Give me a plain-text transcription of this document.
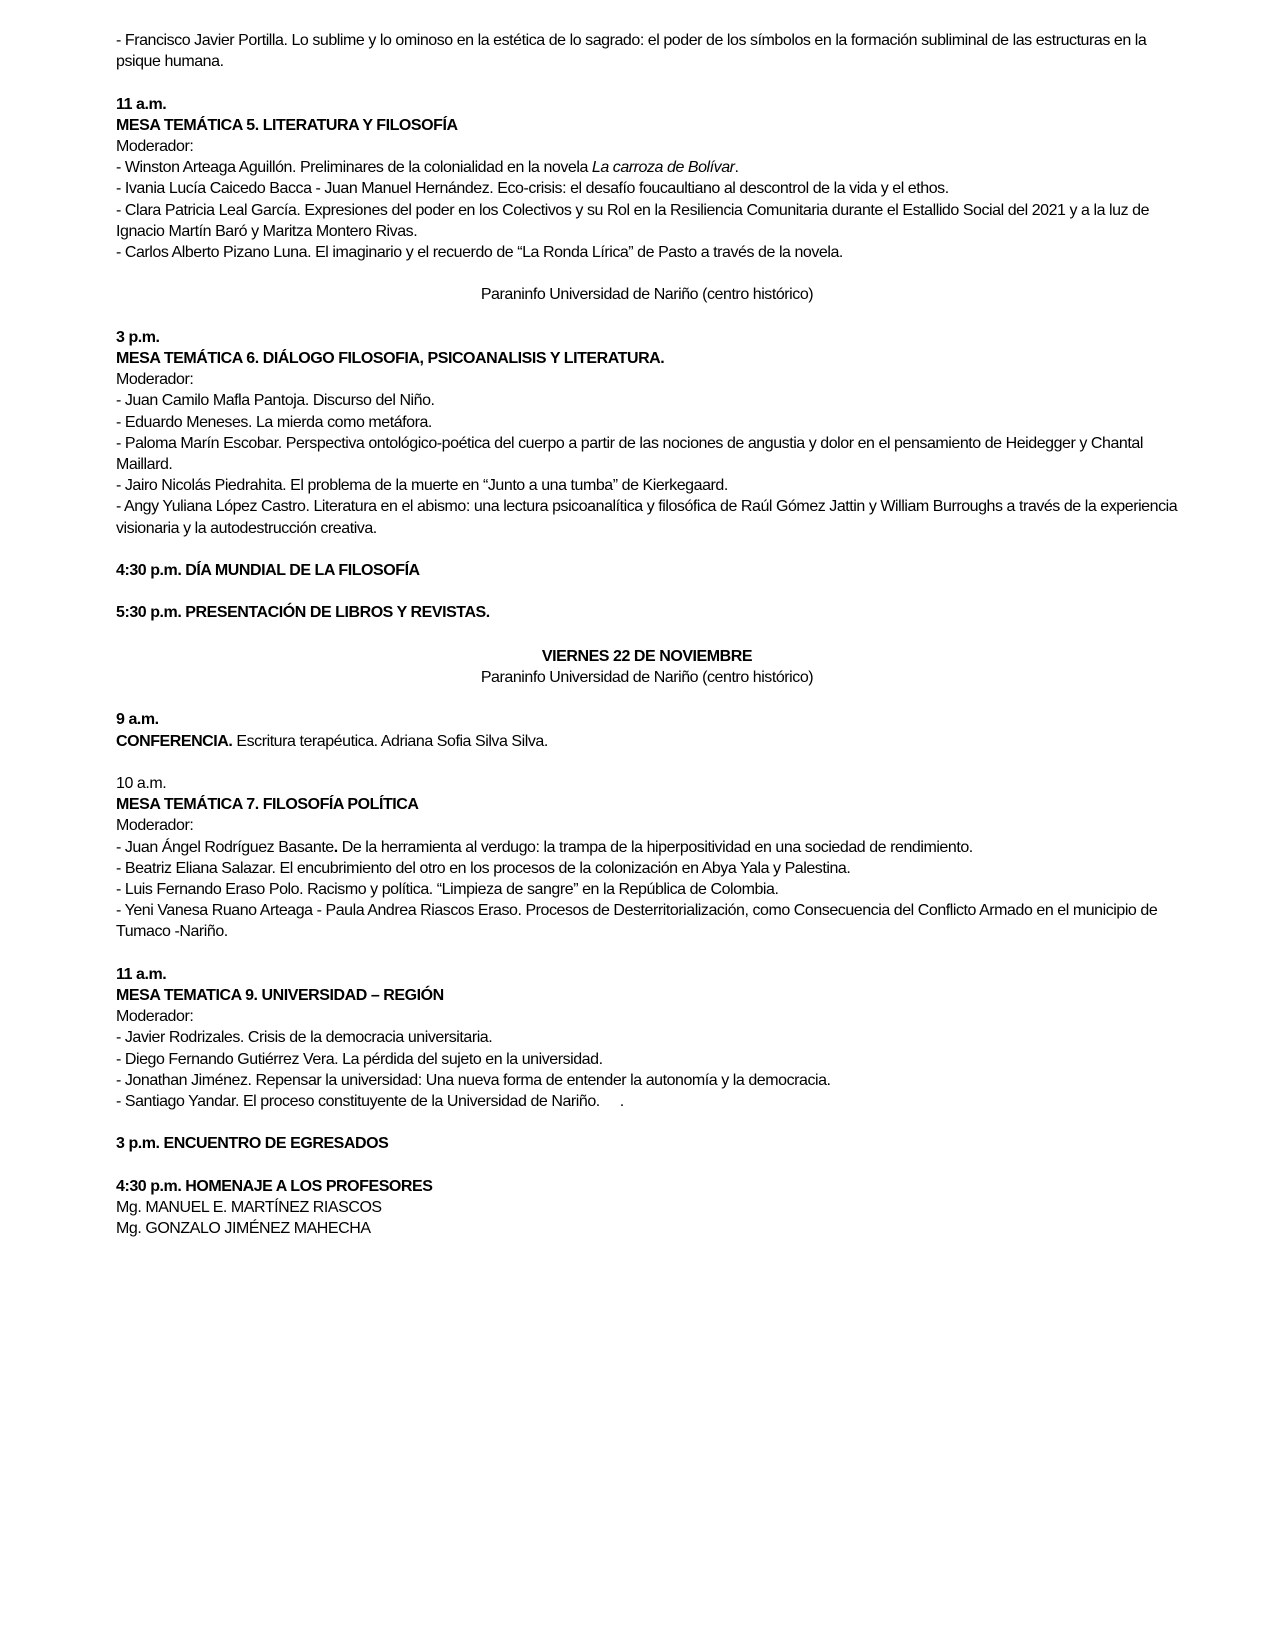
- Francisco Javier Portilla. Lo sublime y lo ominoso en la estética de lo sagrado: el poder de los símbolos en la formación subliminal de las estructuras en la psique humana.

11 a.m.

MESA TEMÁTICA 5. LITERATURA Y FILOSOFÍA

Moderador:

- Winston Arteaga Aguillón. Preliminares de la colonialidad en la novela La carroza de Bolívar.

- Ivania Lucía Caicedo Bacca - Juan Manuel Hernández. Eco-crisis: el desafío foucaultiano al descontrol de la vida y el ethos.

- Clara Patricia Leal García. Expresiones del poder en los Colectivos y su Rol en la Resiliencia Comunitaria durante el Estallido Social del 2021 y a la luz de Ignacio Martín Baró y Maritza Montero Rivas.

- Carlos Alberto Pizano Luna. El imaginario y el recuerdo de “La Ronda Lírica” de Pasto a través de la novela.

Paraninfo Universidad de Nariño (centro histórico)

3 p.m.

MESA TEMÁTICA 6. DIÁLOGO FILOSOFIA, PSICOANALISIS Y LITERATURA.

Moderador:

- Juan Camilo Mafla Pantoja. Discurso del Niño.

- Eduardo Meneses. La mierda como metáfora.

- Paloma Marín Escobar. Perspectiva ontológico-poética del cuerpo a partir de las nociones de angustia y dolor en el pensamiento de Heidegger y Chantal Maillard.

- Jairo Nicolás Piedrahita. El problema de la muerte en “Junto a una tumba” de Kierkegaard.

- Angy Yuliana López Castro. Literatura en el abismo: una lectura psicoanalítica y filosófica de Raúl Gómez Jattin y William Burroughs a través de la experiencia visionaria y la autodestrucción creativa.

4:30 p.m. DÍA MUNDIAL DE LA FILOSOFÍA

5:30 p.m. PRESENTACIÓN DE LIBROS Y REVISTAS.

VIERNES 22 DE NOVIEMBRE

Paraninfo Universidad de Nariño (centro histórico)

9 a.m.

CONFERENCIA. Escritura terapéutica. Adriana Sofia Silva Silva.

10 a.m.

MESA TEMÁTICA 7. FILOSOFÍA POLÍTICA

Moderador:

- Juan Ángel Rodríguez Basante. De la herramienta al verdugo: la trampa de la hiperpositividad en una sociedad de rendimiento.

- Beatriz Eliana Salazar. El encubrimiento del otro en los procesos de la colonización en Abya Yala y Palestina.

- Luis Fernando Eraso Polo. Racismo y política. “Limpieza de sangre” en la República de Colombia.

- Yeni Vanesa Ruano Arteaga - Paula Andrea Riascos Eraso. Procesos de Desterritorialización, como Consecuencia del Conflicto Armado en el municipio de Tumaco -Nariño.

11 a.m.

MESA TEMATICA 9. UNIVERSIDAD – REGIÓN

Moderador:

- Javier Rodrizales. Crisis de la democracia universitaria.

- Diego Fernando Gutiérrez Vera. La pérdida del sujeto en la universidad.

- Jonathan Jiménez. Repensar la universidad: Una nueva forma de entender la autonomía y la democracia.

- Santiago Yandar. El proceso constituyente de la Universidad de Nariño.     .

3 p.m. ENCUENTRO DE EGRESADOS

4:30 p.m. HOMENAJE A LOS PROFESORES

Mg. MANUEL E. MARTÍNEZ RIASCOS

Mg. GONZALO JIMÉNEZ MAHECHA
